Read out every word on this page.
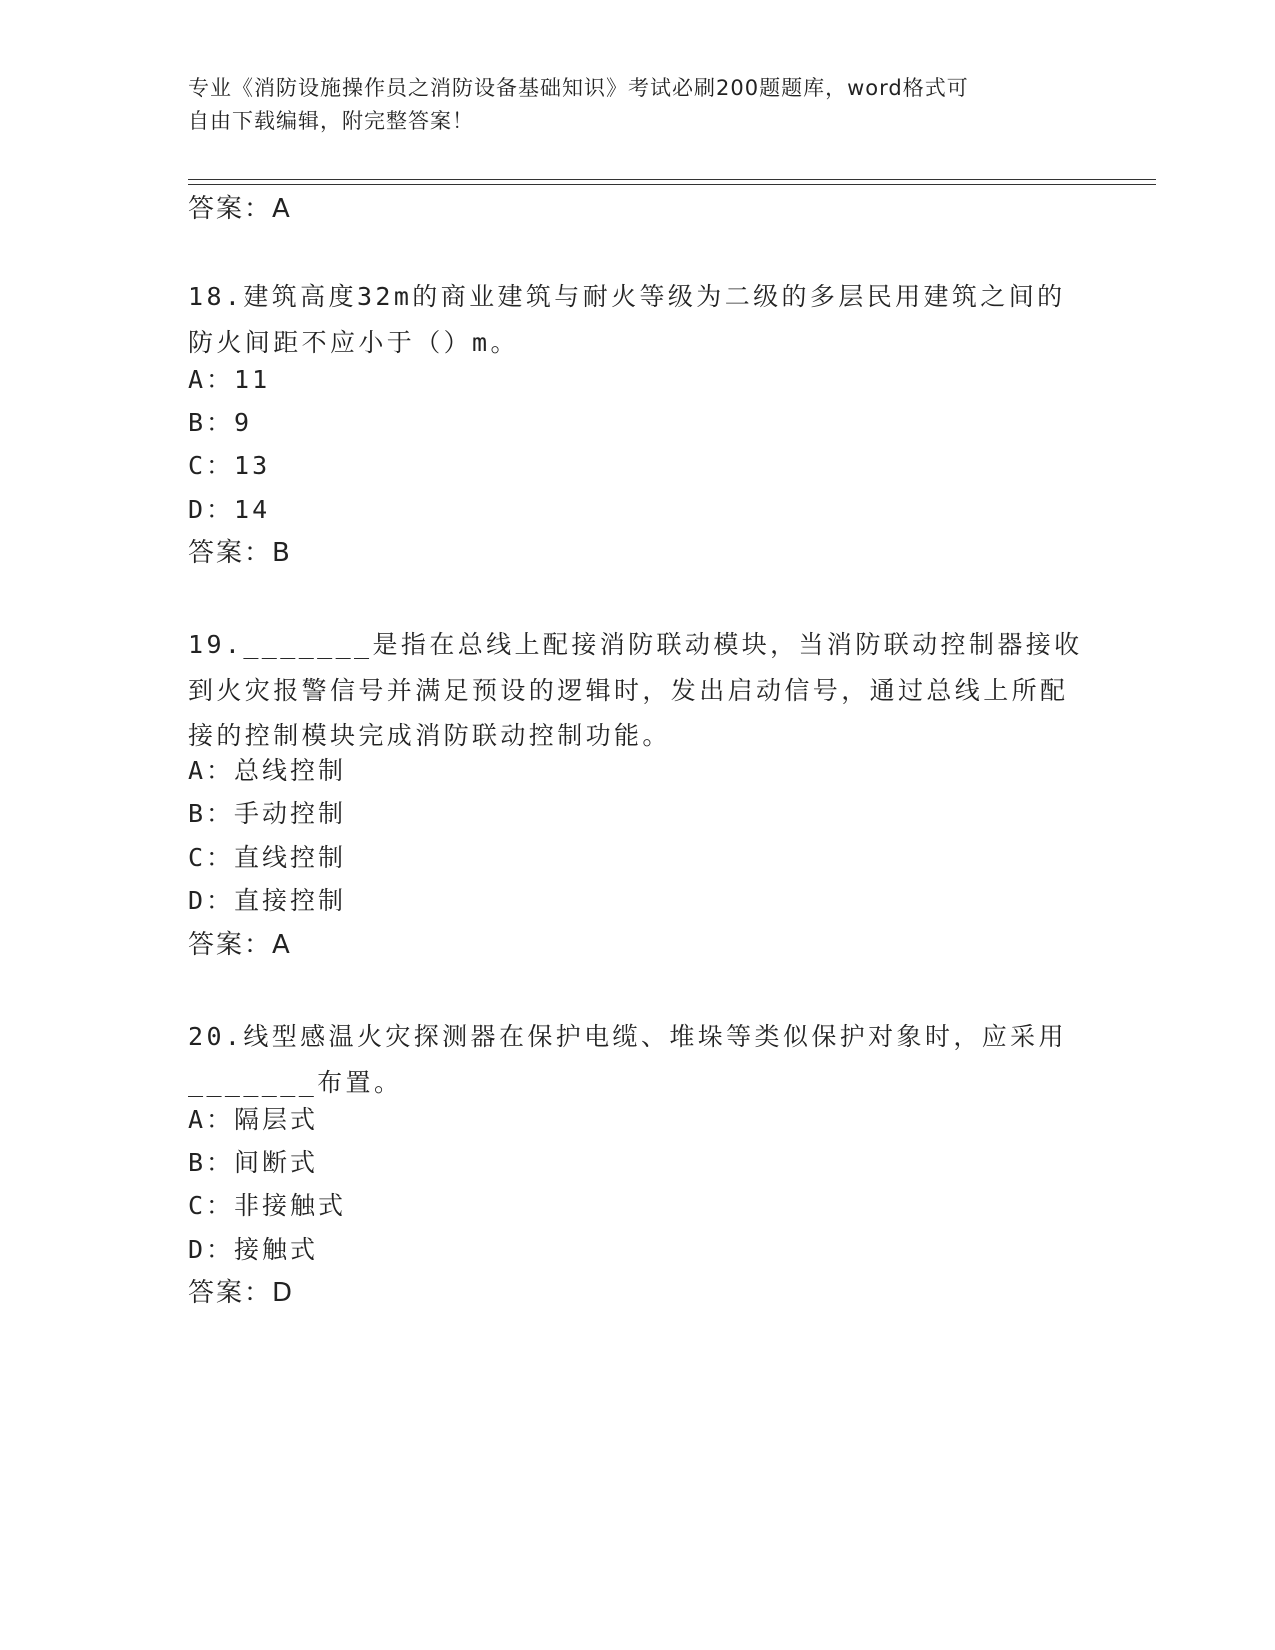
专业《消防设施操作员之消防设备基础知识》考试必刷200题题库，word格式可
自由下载编辑，附完整答案！
答案：A

18.建筑高度32m的商业建筑与耐火等级为二级的多层民用建筑之间的防火间距不应小于（）m。

A：11
B：9
C：13
D：14
答案：B

19._______是指在总线上配接消防联动模块，当消防联动控制器接收到火灾报警信号并满足预设的逻辑时，发出启动信号，通过总线上所配接的控制模块完成消防联动控制功能。

A：总线控制
B：手动控制
C：直线控制
D：直接控制
答案：A

20.线型感温火灾探测器在保护电缆、堆垛等类似保护对象时，应采用_______布置。

A：隔层式
B：间断式
C：非接触式
D：接触式
答案：D
